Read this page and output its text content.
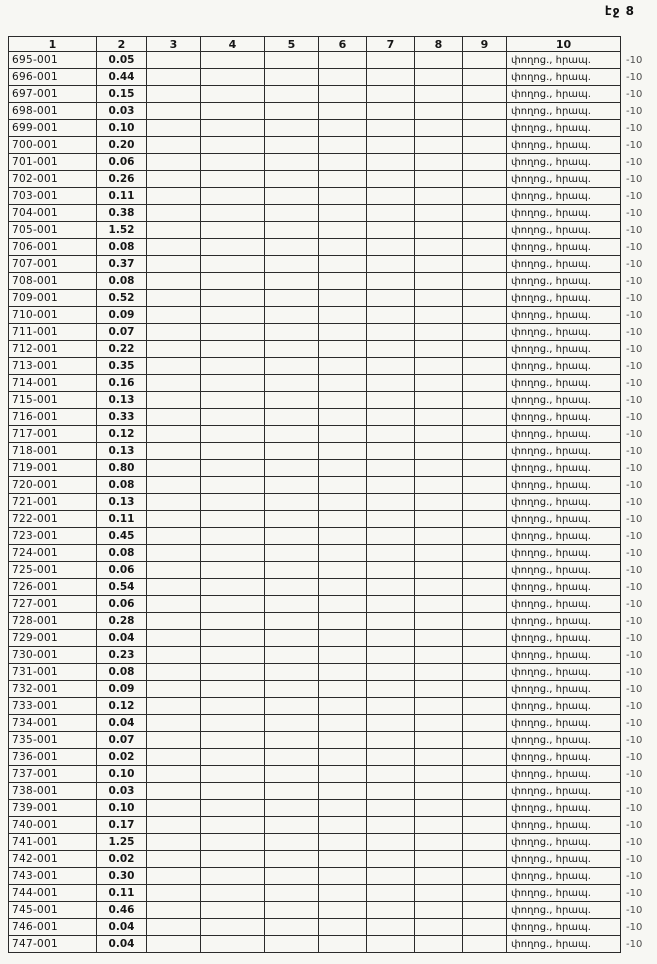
էջ 8
1	2	3	4	5	6	7	8	9	10	
695-001	0.05								փողոց., հրապ.	-10
696-001	0.44								փողոց., հրապ.	-10
697-001	0.15								փողոց., հրապ.	-10
698-001	0.03								փողոց., հրապ.	-10
699-001	0.10								փողոց., հրապ.	-10
700-001	0.20								փողոց., հրապ.	-10
701-001	0.06								փողոց., հրապ.	-10
702-001	0.26								փողոց., հրապ.	-10
703-001	0.11								փողոց., հրապ.	-10
704-001	0.38								փողոց., հրապ.	-10
705-001	1.52								փողոց., հրապ.	-10
706-001	0.08								փողոց., հրապ.	-10
707-001	0.37								փողոց., հրապ.	-10
708-001	0.08								փողոց., հրապ.	-10
709-001	0.52								փողոց., հրապ.	-10
710-001	0.09								փողոց., հրապ.	-10
711-001	0.07								փողոց., հրապ.	-10
712-001	0.22								փողոց., հրապ.	-10
713-001	0.35								փողոց., հրապ.	-10
714-001	0.16								փողոց., հրապ.	-10
715-001	0.13								փողոց., հրապ.	-10
716-001	0.33								փողոց., հրապ.	-10
717-001	0.12								փողոց., հրապ.	-10
718-001	0.13								փողոց., հրապ.	-10
719-001	0.80								փողոց., հրապ.	-10
720-001	0.08								փողոց., հրապ.	-10
721-001	0.13								փողոց., հրապ.	-10
722-001	0.11								փողոց., հրապ.	-10
723-001	0.45								փողոց., հրապ.	-10
724-001	0.08								փողոց., հրապ.	-10
725-001	0.06								փողոց., հրապ.	-10
726-001	0.54								փողոց., հրապ.	-10
727-001	0.06								փողոց., հրապ.	-10
728-001	0.28								փողոց., հրապ.	-10
729-001	0.04								փողոց., հրապ.	-10
730-001	0.23								փողոց., հրապ.	-10
731-001	0.08								փողոց., հրապ.	-10
732-001	0.09								փողոց., հրապ.	-10
733-001	0.12								փողոց., հրապ.	-10
734-001	0.04								փողոց., հրապ.	-10
735-001	0.07								փողոց., հրապ.	-10
736-001	0.02								փողոց., հրապ.	-10
737-001	0.10								փողոց., հրապ.	-10
738-001	0.03								փողոց., հրապ.	-10
739-001	0.10								փողոց., հրապ.	-10
740-001	0.17								փողոց., հրապ.	-10
741-001	1.25								փողոց., հրապ.	-10
742-001	0.02								փողոց., հրապ.	-10
743-001	0.30								փողոց., հրապ.	-10
744-001	0.11								փողոց., հրապ.	-10
745-001	0.46								փողոց., հրապ.	-10
746-001	0.04								փողոց., հրապ.	-10
747-001	0.04								փողոց., հրապ.	-10
